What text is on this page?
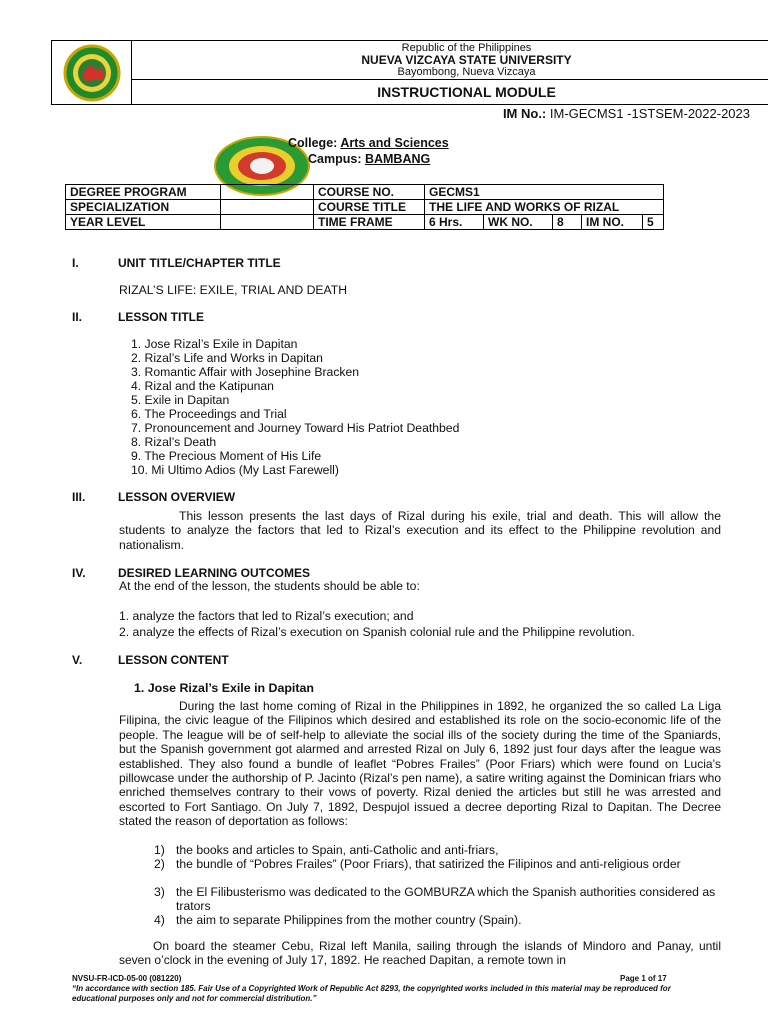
Republic of the Philippines
NUEVA VIZCAYA STATE UNIVERSITY
Bayombong, Nueva Vizcaya
INSTRUCTIONAL MODULE
IM No.: IM-GECMS1 -1STSEM-2022-2023
College: Arts and Sciences
Campus: BAMBANG
DEGREE PROGRAM		COURSE NO.	GECMS1				
SPECIALIZATION		COURSE TITLE	THE LIFE AND WORKS OF RIZAL				
YEAR LEVEL		TIME FRAME	6 Hrs.	WK NO.	8	IM NO.	5
I.	UNIT TITLE/CHAPTER TITLE
RIZAL’S LIFE: EXILE, TRIAL AND DEATH
II.	LESSON TITLE
1. Jose Rizal’s Exile in Dapitan
2. Rizal’s Life and Works in Dapitan
3. Romantic Affair with Josephine Bracken
4. Rizal and the Katipunan
5. Exile in Dapitan
6. The Proceedings and Trial
7. Pronouncement and Journey Toward His Patriot Deathbed
8. Rizal’s Death
9. The Precious Moment of His Life
10. Mi Ultimo Adios (My Last Farewell)
III.	LESSON OVERVIEW
This lesson presents the last days of Rizal during his exile, trial and death. This will allow the students to analyze the factors that led to Rizal’s execution and its effect to the Philippine revolution and nationalism.
IV.	DESIRED LEARNING OUTCOMES
At the end of the lesson, the students should be able to:
1. analyze the factors that led to Rizal’s execution; and
2. analyze the effects of Rizal’s execution on Spanish colonial rule and the Philippine revolution.
V.	LESSON CONTENT
1. Jose Rizal’s Exile in Dapitan
During the last home coming of Rizal in the Philippines in 1892, he organized the so called La Liga Filipina, the civic league of the Filipinos which desired and established its role on the socio-economic life of the people. The league will be of self-help to alleviate the social ills of the society during the time of the Spaniards, but the Spanish government got alarmed and arrested Rizal on July 6, 1892 just four days after the league was established. They also found a bundle of leaflet “Pobres Frailes” (Poor Friars) which were found on Lucia’s pillowcase under the authorship of P. Jacinto (Rizal’s pen name), a satire writing against the Dominican friars who enriched themselves contrary to their vows of poverty. Rizal denied the articles but still he was arrested and escorted to Fort Santiago. On July 7, 1892, Despujol issued a decree deporting Rizal to Dapitan. The Decree stated the reason of deportation as follows:
1) the books and articles to Spain, anti-Catholic and anti-friars,
2) the bundle of “Pobres Frailes” (Poor Friars), that satirized the Filipinos and anti-religious order
3) the El Filibusterismo was dedicated to the GOMBURZA which the Spanish authorities considered as trators
4) the aim to separate Philippines from the mother country (Spain).
On board the steamer Cebu, Rizal left Manila, sailing through the islands of Mindoro and Panay, until seven o’clock in the evening of July 17, 1892. He reached Dapitan, a remote town in
NVSU-FR-ICD-05-00 (081220)	Page 1 of 17
“In accordance with section 185. Fair Use of a Copyrighted Work of Republic Act 8293, the copyrighted works included in this material may be reproduced for educational purposes only and not for commercial distribution.”
